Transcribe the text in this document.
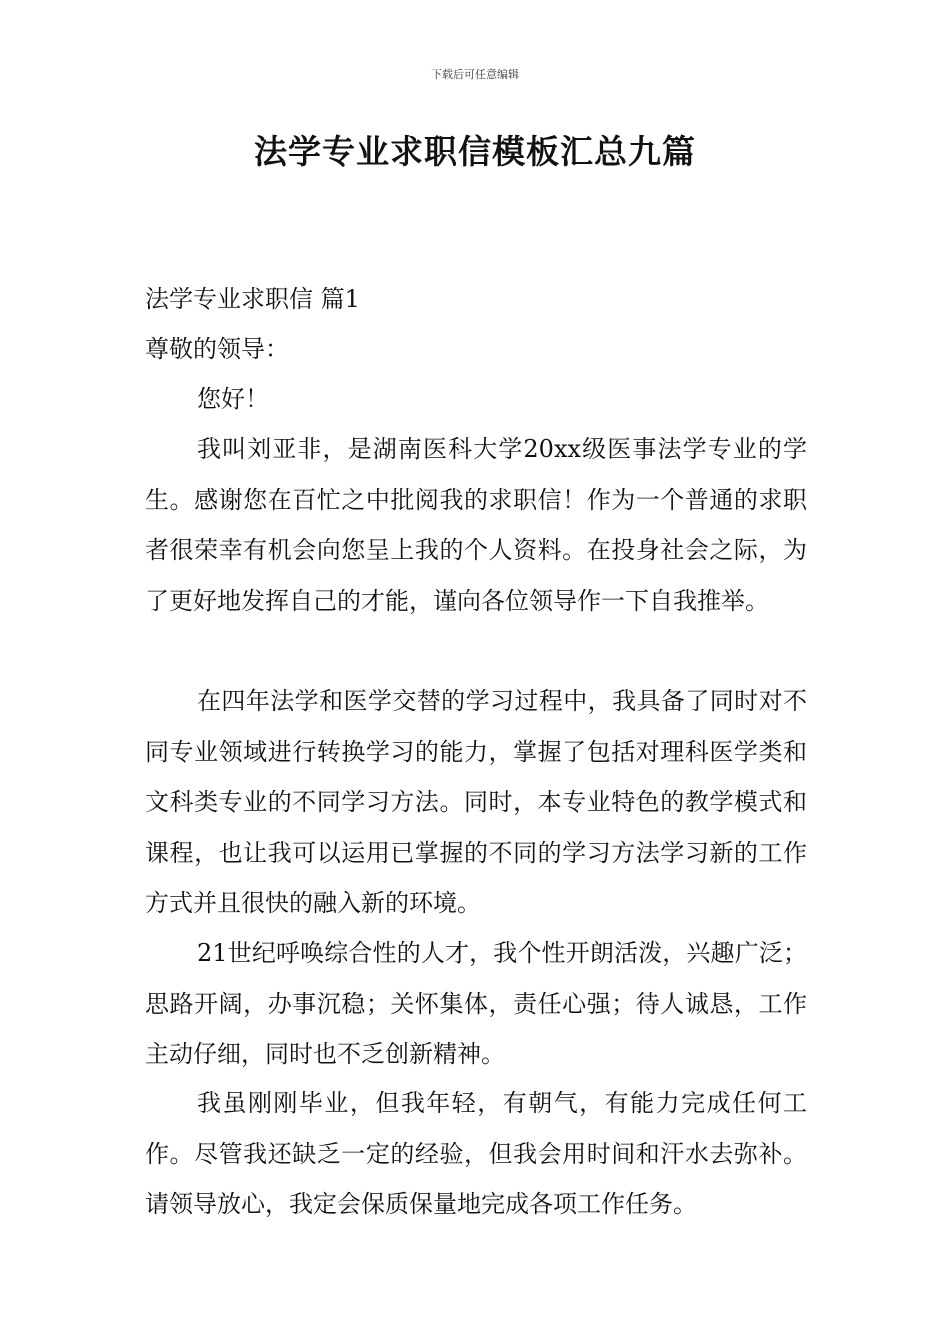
下载后可任意编辑
法学专业求职信模板汇总九篇
法学专业求职信 篇1
尊敬的领导：
您好！

我叫刘亚非，是湖南医科大学20xx级医事法学专业的学生。感谢您在百忙之中批阅我的求职信！作为一个普通的求职者很荣幸有机会向您呈上我的个人资料。在投身社会之际，为了更好地发挥自己的才能，谨向各位领导作一下自我推举。

在四年法学和医学交替的学习过程中，我具备了同时对不同专业领域进行转换学习的能力，掌握了包括对理科医学类和文科类专业的不同学习方法。同时，本专业特色的教学模式和课程，也让我可以运用已掌握的不同的学习方法学习新的工作方式并且很快的融入新的环境。

21世纪呼唤综合性的人才，我个性开朗活泼，兴趣广泛；思路开阔，办事沉稳；关怀集体，责任心强；待人诚恳，工作主动仔细，同时也不乏创新精神。

我虽刚刚毕业，但我年轻，有朝气，有能力完成任何工作。尽管我还缺乏一定的经验，但我会用时间和汗水去弥补。请领导放心，我定会保质保量地完成各项工作任务。
